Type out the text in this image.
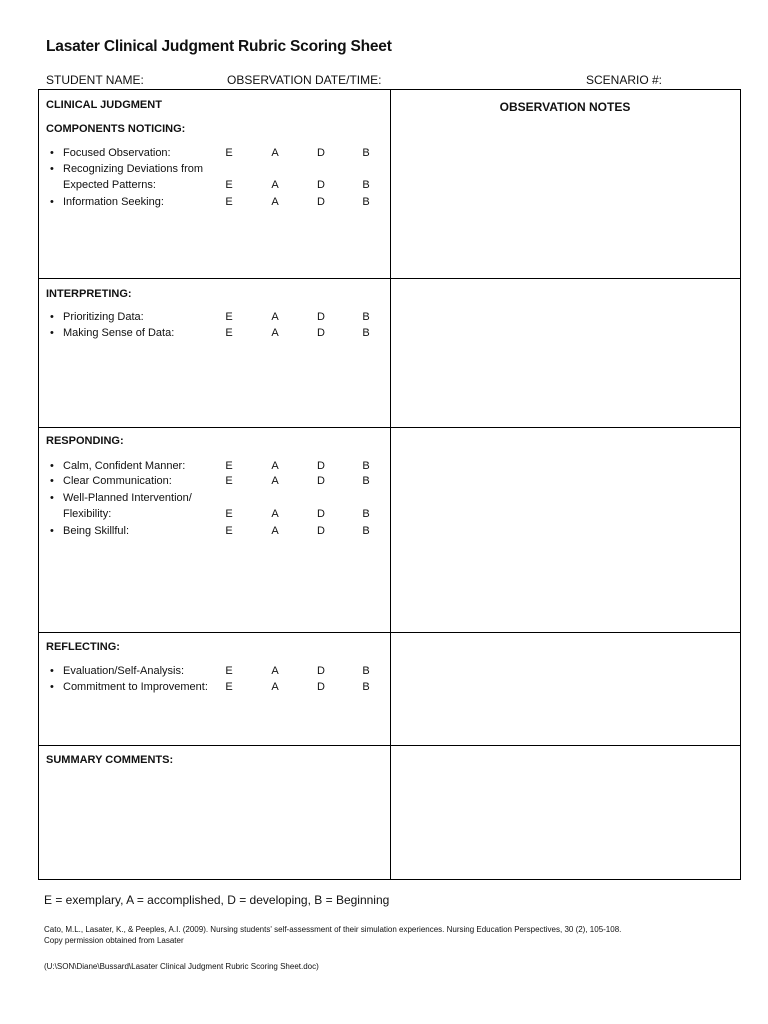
Lasater Clinical Judgment Rubric Scoring Sheet
STUDENT NAME:	OBSERVATION DATE/TIME:	SCENARIO #:
OBSERVATION NOTES
CLINICAL JUDGMENT
COMPONENTS NOTICING:
• Focused Observation:	E	A	D	B
• Recognizing Deviations from
Expected Patterns:	E	A	D	B
• Information Seeking:	E	A	D	B
INTERPRETING:
• Prioritizing Data:	E	A	D	B
• Making Sense of Data:	E	A	D	B
RESPONDING:
• Calm, Confident Manner:	E	A	D	B
• Clear Communication:	E	A	D	B
• Well-Planned Intervention/
Flexibility:	E	A	D	B
• Being Skillful:	E	A	D	B
REFLECTING:
• Evaluation/Self-Analysis:	E	A	D	B
• Commitment to Improvement: E	A	D	B
SUMMARY COMMENTS:
E = exemplary, A = accomplished, D = developing, B = Beginning
Cato, M.L., Lasater, K., & Peeples, A.I. (2009). Nursing students' self-assessment of their simulation experiences. Nursing Education Perspectives, 30 (2), 105-108.
Copy permission obtained from Lasater
(U:\SON\Diane\Bussard\Lasater Clinical Judgment Rubric Scoring Sheet.doc)
